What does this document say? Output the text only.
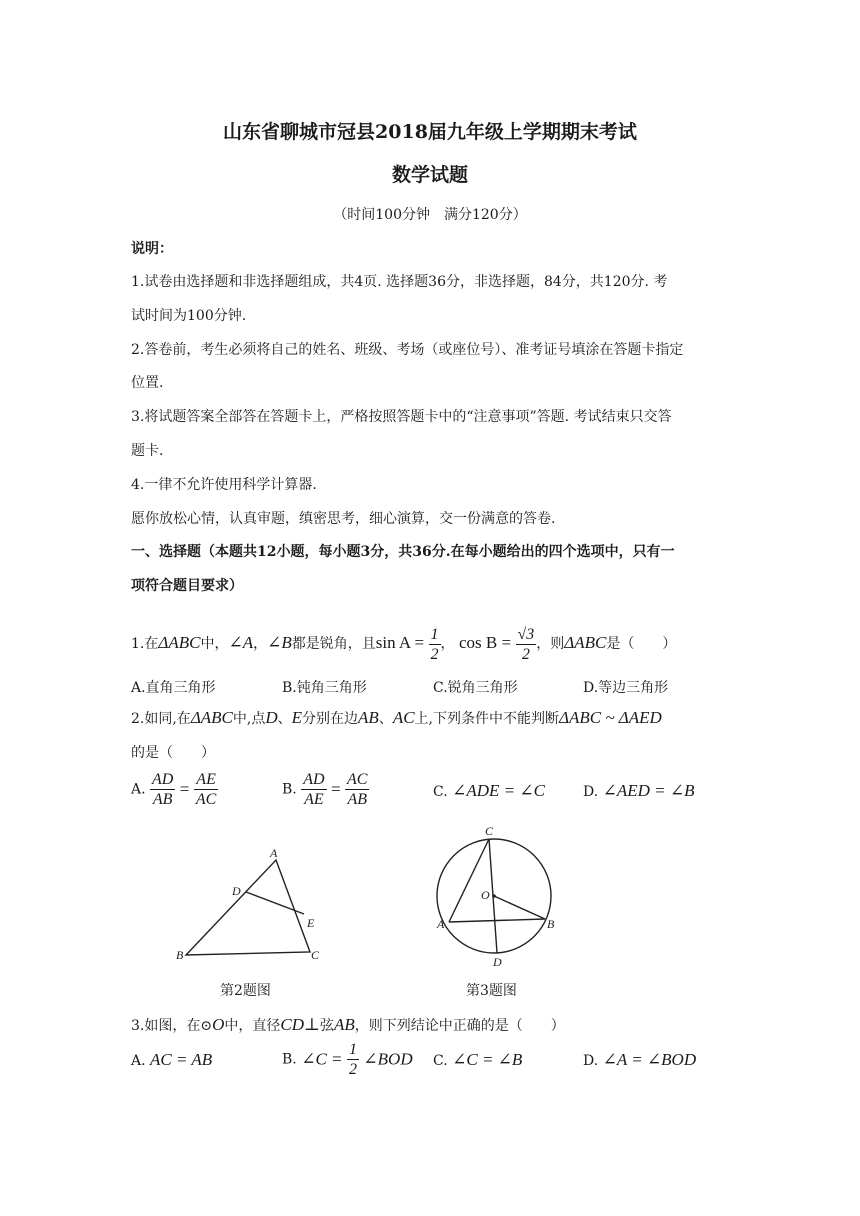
山东省聊城市冠县2018届九年级上学期期末考试
数学试题
（时间100分钟　满分120分）
说明：
1.试卷由选择题和非选择题组成，共4页. 选择题36分，非选择题，84分，共120分. 考
试时间为100分钟.
2.答卷前，考生必须将自己的姓名、班级、考场（或座位号）、准考证号填涂在答题卡指定
位置.
3.将试题答案全部答在答题卡上，严格按照答题卡中的“注意事项”答题. 考试结束只交答
题卡.
4.一律不允许使用科学计算器.
愿你放松心情，认真审题，缜密思考，细心演算，交一份满意的答卷.
一、选择题（本题共12小题，每小题3分，共36分.在每小题给出的四个选项中，只有一
项符合题目要求）
1.在ΔABC中，∠A，∠B都是锐角，且$\sin A = \frac{1}{2}$ ， $\cos B = \frac{√3}{2}$ ，则ΔABC是（　　）
A.直角三角形	B.钝角三角形	C.锐角三角形	D.等边三角形
2.如同,在ΔABC中,点D、E分别在边AB、AC上,下列条件中不能判断ΔABC ~ ΔAED
的是（　　）
A. $\frac{AD}{AB} = \frac{AE}{AC}$	B. $\frac{AD}{AE} = \frac{AC}{AB}$	C. ∠ADE = ∠C	D. ∠AED = ∠B
A
B	C
D
E
第2题图
C
O
A	B
D
第3题图
3.如图，在⊙O中，直径CD⊥弦AB，则下列结论中正确的是（　　）
A. AC = AB	B. ∠C = $\frac{1}{2}$ ∠BOD C. ∠C = ∠B	D. ∠A = ∠BOD
